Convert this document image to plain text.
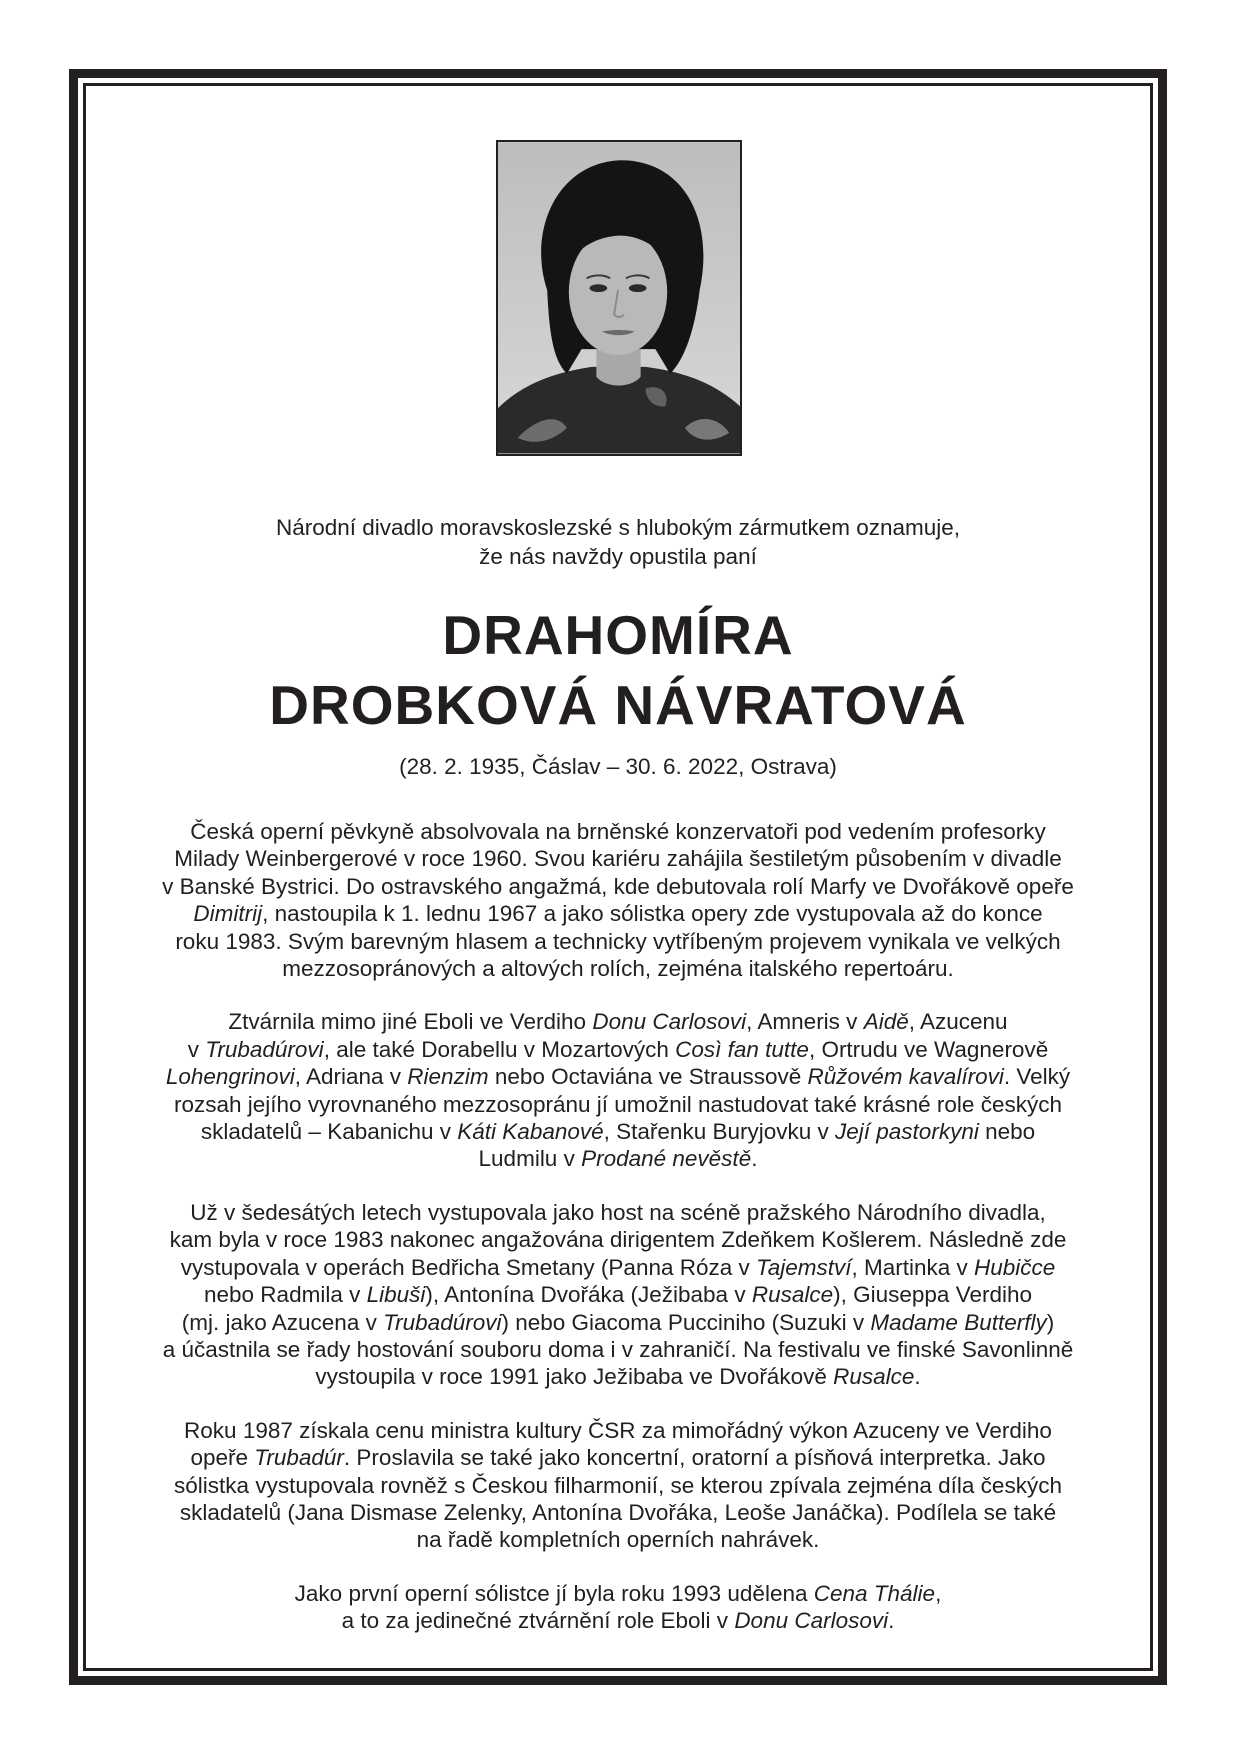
Národní divadlo moravskoslezské s hlubokým zármutkem oznamuje,
že nás navždy opustila paní
DRAHOMÍRA
DROBKOVÁ NÁVRATOVÁ
(28. 2. 1935, Čáslav – 30. 6. 2022, Ostrava)

Česká operní pěvkyně absolvovala na brněnské konzervatoři pod vedením profesorky
Milady Weinbergerové v roce 1960. Svou kariéru zahájila šestiletým působením v divadle
v Banské Bystrici. Do ostravského angažmá, kde debutovala rolí Marfy ve Dvořákově opeře
Dimitrij, nastoupila k 1. lednu 1967 a jako sólistka opery zde vystupovala až do konce
roku 1983. Svým barevným hlasem a technicky vytříbeným projevem vynikala ve velkých
mezzosopránových a altových rolích, zejména italského repertoáru.

Ztvárnila mimo jiné Eboli ve Verdiho Donu Carlosovi, Amneris v Aidě, Azucenu
v Trubadúrovi, ale také Dorabellu v Mozartových Così fan tutte, Ortrudu ve Wagnerově
Lohengrinovi, Adriana v Rienzim nebo Octaviána ve Straussově Růžovém kavalírovi. Velký
rozsah jejího vyrovnaného mezzosopránu jí umožnil nastudovat také krásné role českých
skladatelů – Kabanichu v Káti Kabanové, Stařenku Buryjovku v Její pastorkyni nebo
Ludmilu v Prodané nevěstě.

Už v šedesátých letech vystupovala jako host na scéně pražského Národního divadla,
kam byla v roce 1983 nakonec angažována dirigentem Zdeňkem Košlerem. Následně zde
vystupovala v operách Bedřicha Smetany (Panna Róza v Tajemství, Martinka v Hubičce
nebo Radmila v Libuši), Antonína Dvořáka (Ježibaba v Rusalce), Giuseppa Verdiho
(mj. jako Azucena v Trubadúrovi) nebo Giacoma Pucciniho (Suzuki v Madame Butterfly)
a účastnila se řady hostování souboru doma i v zahraničí. Na festivalu ve finské Savonlinně
vystoupila v roce 1991 jako Ježibaba ve Dvořákově Rusalce.

Roku 1987 získala cenu ministra kultury ČSR za mimořádný výkon Azuceny ve Verdiho
opeře Trubadúr. Proslavila se také jako koncertní, oratorní a písňová interpretka. Jako
sólistka vystupovala rovněž s Českou filharmonií, se kterou zpívala zejména díla českých
skladatelů (Jana Dismase Zelenky, Antonína Dvořáka, Leoše Janáčka). Podílela se také
na řadě kompletních operních nahrávek.

Jako první operní sólistce jí byla roku 1993 udělena Cena Thálie,
a to za jedinečné ztvárnění role Eboli v Donu Carlosovi.
